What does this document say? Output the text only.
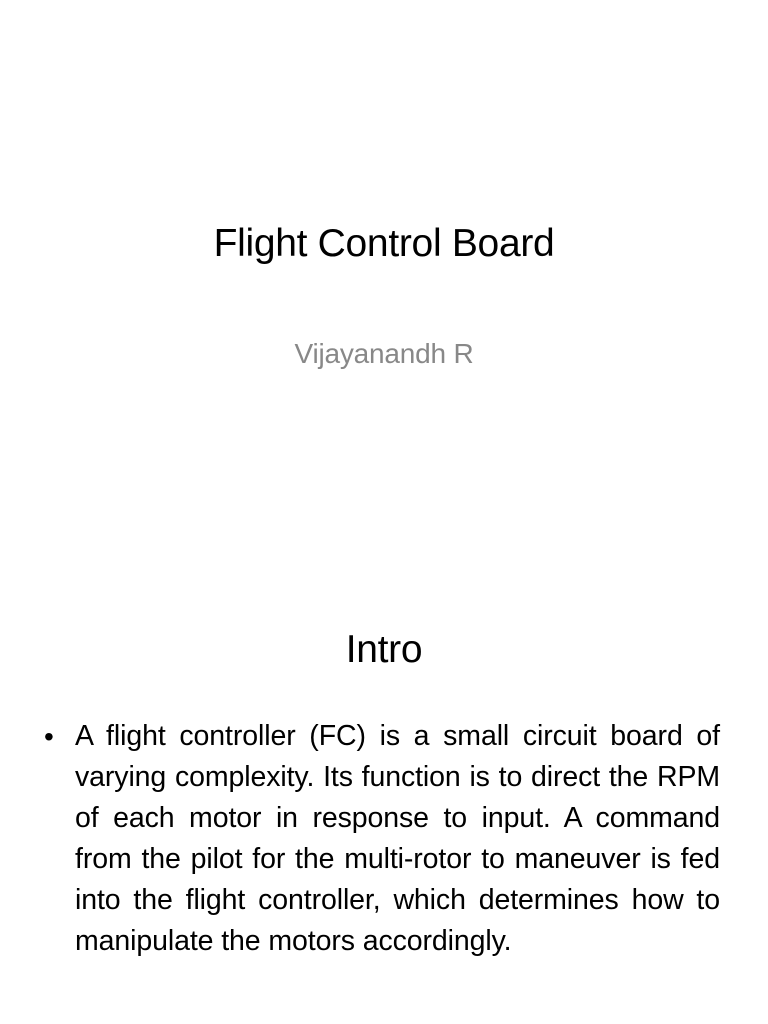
Flight Control Board
Vijayanandh R
Intro
• A flight controller (FC) is a small circuit board of varying complexity. Its function is to direct the RPM of each motor in response to input. A command from the pilot for the multi-rotor to maneuver is fed into the flight controller, which determines how to manipulate the motors accordingly.
